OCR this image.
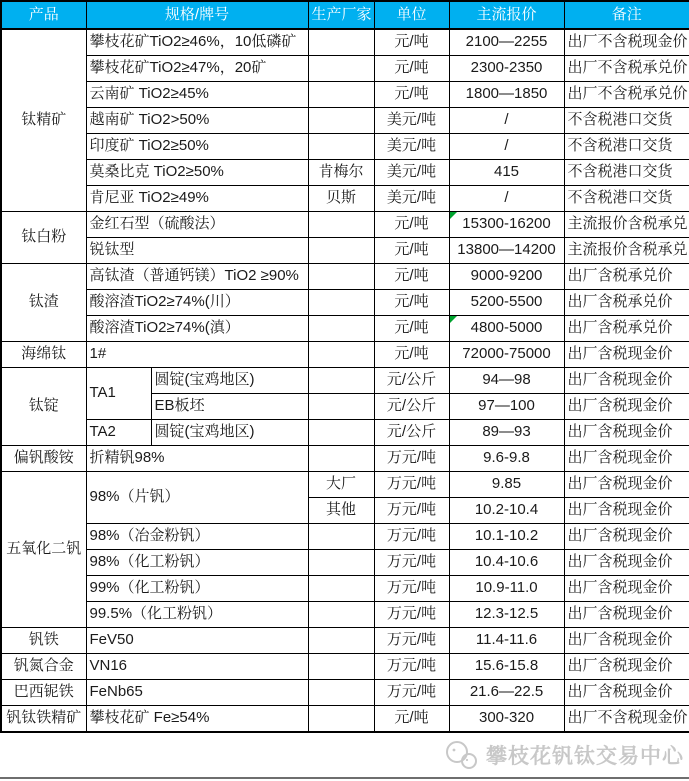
产品	规格/牌号		生产厂家	单位	主流报价	备注
钛精矿	攀枝花矿TiO2≥46%，10低磷矿			元/吨	2100—2255	出厂不含税现金价
	攀枝花矿TiO2≥47%，20矿			元/吨	2300-2350	出厂不含税承兑价
	云南矿 TiO2≥45%			元/吨	1800—1850	出厂不含税承兑价
	越南矿 TiO2>50%			美元/吨	/	不含税港口交货
	印度矿 TiO2≥50%			美元/吨	/	不含税港口交货
	莫桑比克 TiO2≥50%		肯梅尔	美元/吨	415	不含税港口交货
	肯尼亚 TiO2≥49%		贝斯	美元/吨	/	不含税港口交货
钛白粉	金红石型（硫酸法）			元/吨	15300-16200	主流报价含税承兑
	锐钛型			元/吨	13800—14200	主流报价含税承兑
钛渣	高钛渣（普通钙镁）TiO2 ≥90%			元/吨	9000-9200	出厂含税承兑价
	酸溶渣TiO2≥74%(川）			元/吨	5200-5500	出厂含税承兑价
	酸溶渣TiO2≥74%(滇）			元/吨	4800-5000	出厂含税承兑价
海绵钛	1#			元/吨	72000-75000	出厂含税现金价
钛锭	TA1	圆锭(宝鸡地区)		元/公斤	94—98	出厂含税现金价
		EB板坯		元/公斤	97—100	出厂含税现金价
	TA2	圆锭(宝鸡地区)		元/公斤	89—93	出厂含税现金价
偏钒酸铵	折精钒98%			万元/吨	9.6-9.8	出厂含税现金价
五氧化二钒	98%（片钒）		大厂	万元/吨	9.85	出厂含税现金价
			其他	万元/吨	10.2-10.4	出厂含税现金价
	98%（冶金粉钒）			万元/吨	10.1-10.2	出厂含税现金价
	98%（化工粉钒）			万元/吨	10.4-10.6	出厂含税现金价
	99%（化工粉钒）			万元/吨	10.9-11.0	出厂含税现金价
	99.5%（化工粉钒）			万元/吨	12.3-12.5	出厂含税现金价
钒铁	FeV50			万元/吨	11.4-11.6	出厂含税现金价
钒氮合金	VN16			万元/吨	15.6-15.8	出厂含税现金价
巴西铌铁	FeNb65			万元/吨	21.6—22.5	出厂含税现金价
钒钛铁精矿	攀枝花矿 Fe≥54%			元/吨	300-320	出厂不含税现金价
攀枝花钒钛交易中心
